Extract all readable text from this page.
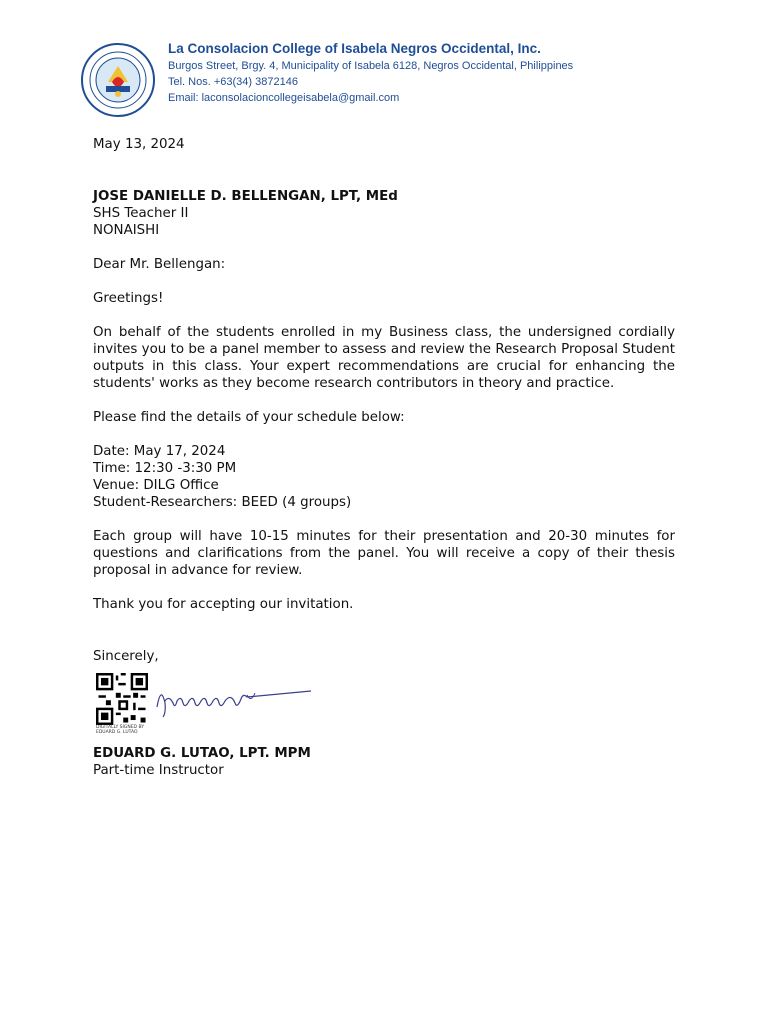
La Consolacion College of Isabela Negros Occidental, Inc.
Burgos Street, Brgy. 4, Municipality of Isabela 6128, Negros Occidental, Philippines
Tel. Nos. +63(34) 3872146
Email: laconsolacioncollegeisabela@gmail.com

May 13, 2024

JOSE DANIELLE D. BELLENGAN, LPT, MEd

SHS Teacher II

NONAISHI

Dear Mr. Bellengan:

Greetings!

On behalf of the students enrolled in my Business class, the undersigned cordially invites you to be a panel member to assess and review the Research Proposal Student outputs in this class. Your expert recommendations are crucial for enhancing the students' works as they become research contributors in theory and practice.

Please find the details of your schedule below:

Date: May 17, 2024

Time: 12:30 -3:30 PM

Venue: DILG Office

Student-Researchers: BEED (4 groups)

Each group will have 10-15 minutes for their presentation and 20-30 minutes for questions and clarifications from the panel. You will receive a copy of their thesis proposal in advance for review.

Thank you for accepting our invitation.

Sincerely,

DIGITALLY SIGNED BY EDUARD G. LUTAO

EDUARD G. LUTAO, LPT. MPM

Part-time Instructor
